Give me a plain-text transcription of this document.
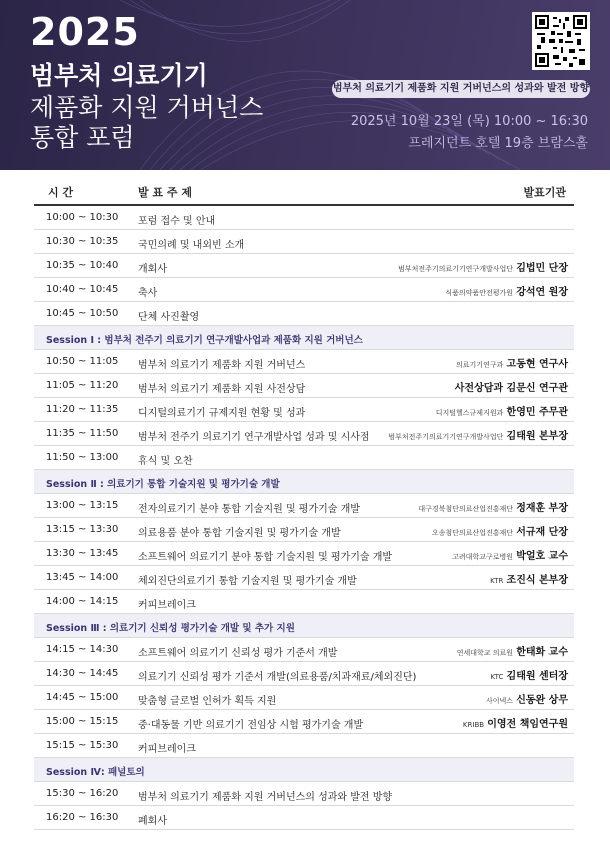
2025
범부처 의료기기
제품화 지원 거버넌스
통합 포럼
범부처 의료기기 제품화 지원 거버넌스의 성과와 발전 방향
2025년 10월 23일 (목) 10:00 ~ 16:30
프레지던트 호텔 19층 브람스홀
시 간	발 표 주 제	발표기관
10:00 ~ 10:30 포럼 접수 및 안내
10:30 ~ 10:35 국민의례 및 내외빈 소개
10:35 ~ 10:40 개회사	범부처전주기의료기기연구개발사업단 김법민 단장
10:40 ~ 10:45 축사	식품의약품안전평가원 강석연 원장
10:45 ~ 10:50 단체 사진촬영
Session Ⅰ : 범부처 전주기 의료기기 연구개발사업과 제품화 지원 거버넌스
10:50 ~ 11:05 범부처 의료기기 제품화 지원 거버넌스	의료기기연구과 고동현 연구사
11:05 ~ 11:20 범부처 의료기기 제품화 지원 사전상담	사전상담과 김문신 연구관
11:20 ~ 11:35 디지털의료기기 규제지원 현황 및 성과	디지털헬스규제지원과 한영민 주무관
11:35 ~ 11:50 범부처 전주기 의료기기 연구개발사업 성과 및 시사점	범부처전주기의료기기연구개발사업단 김태원 본부장
11:50 ~ 13:00 휴식 및 오찬
Session Ⅱ : 의료기기 통합 기술지원 및 평가기술 개발
13:00 ~ 13:15 전자의료기기 분야 통합 기술지원 및 평가기술 개발	대구경북첨단의료산업진흥재단 정재훈 부장
13:15 ~ 13:30 의료용품 분야 통합 기술지원 및 평가기술 개발	오송첨단의료산업진흥재단 서규재 단장
13:30 ~ 13:45 소프트웨어 의료기기 분야 통합 기술지원 및 평가기술 개발	고려대학교구로병원 박얼호 교수
13:45 ~ 14:00 체외진단의료기기 통합 기술지원 및 평가기술 개발	KTR 조진식 본부장
14:00 ~ 14:15 커피브레이크
Session Ⅲ : 의료기기 신뢰성 평가기술 개발 및 추가 지원
14:15 ~ 14:30 소프트웨어 의료기기 신뢰성 평가 기준서 개발	연세대학교 의료원 한태화 교수
14:30 ~ 14:45 의료기기 신뢰성 평가 기준서 개발(의료용품/치과재료/체외진단)	KTC 김태원 센터장
14:45 ~ 15:00 맞춤형 글로벌 인허가 획득 지원	사이넥스 신동완 상무
15:00 ~ 15:15 중·대동물 기반 의료기기 전임상 시험 평가기술 개발	KRIBB 이영전 책임연구원
15:15 ~ 15:30 커피브레이크
Session Ⅳ: 패널토의
15:30 ~ 16:20 범부처 의료기기 제품화 지원 거버넌스의 성과와 발전 방향
16:20 ~ 16:30 폐회사
